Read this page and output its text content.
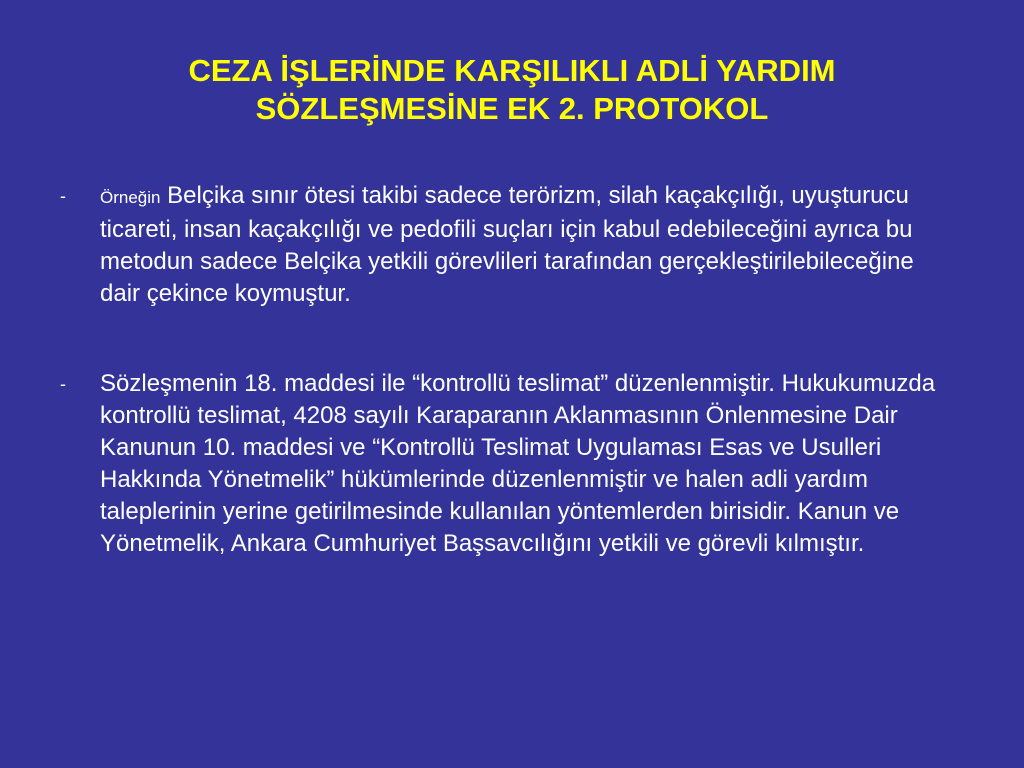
CEZA İŞLERİNDE KARŞILIKLI ADLİ YARDIM
SÖZLEŞMESİNE EK 2. PROTOKOL
- Örneğin Belçika sınır ötesi takibi sadece terörizm, silah kaçakçılığı, uyuşturucu ticareti, insan kaçakçılığı ve pedofili suçları için kabul edebileceğini ayrıca bu metodun sadece Belçika yetkili görevlileri tarafından gerçekleştirilebileceğine dair çekince koymuştur.
- Sözleşmenin 18. maddesi ile “kontrollü teslimat” düzenlenmiştir. Hukukumuzda kontrollü teslimat, 4208 sayılı Karaparanın Aklanmasının Önlenmesine Dair Kanunun 10. maddesi ve “Kontrollü Teslimat Uygulaması Esas ve Usulleri Hakkında Yönetmelik” hükümlerinde düzenlenmiştir ve halen adli yardım taleplerinin yerine getirilmesinde kullanılan yöntemlerden birisidir. Kanun ve Yönetmelik, Ankara Cumhuriyet Başsavcılığını yetkili ve görevli kılmıştır.
